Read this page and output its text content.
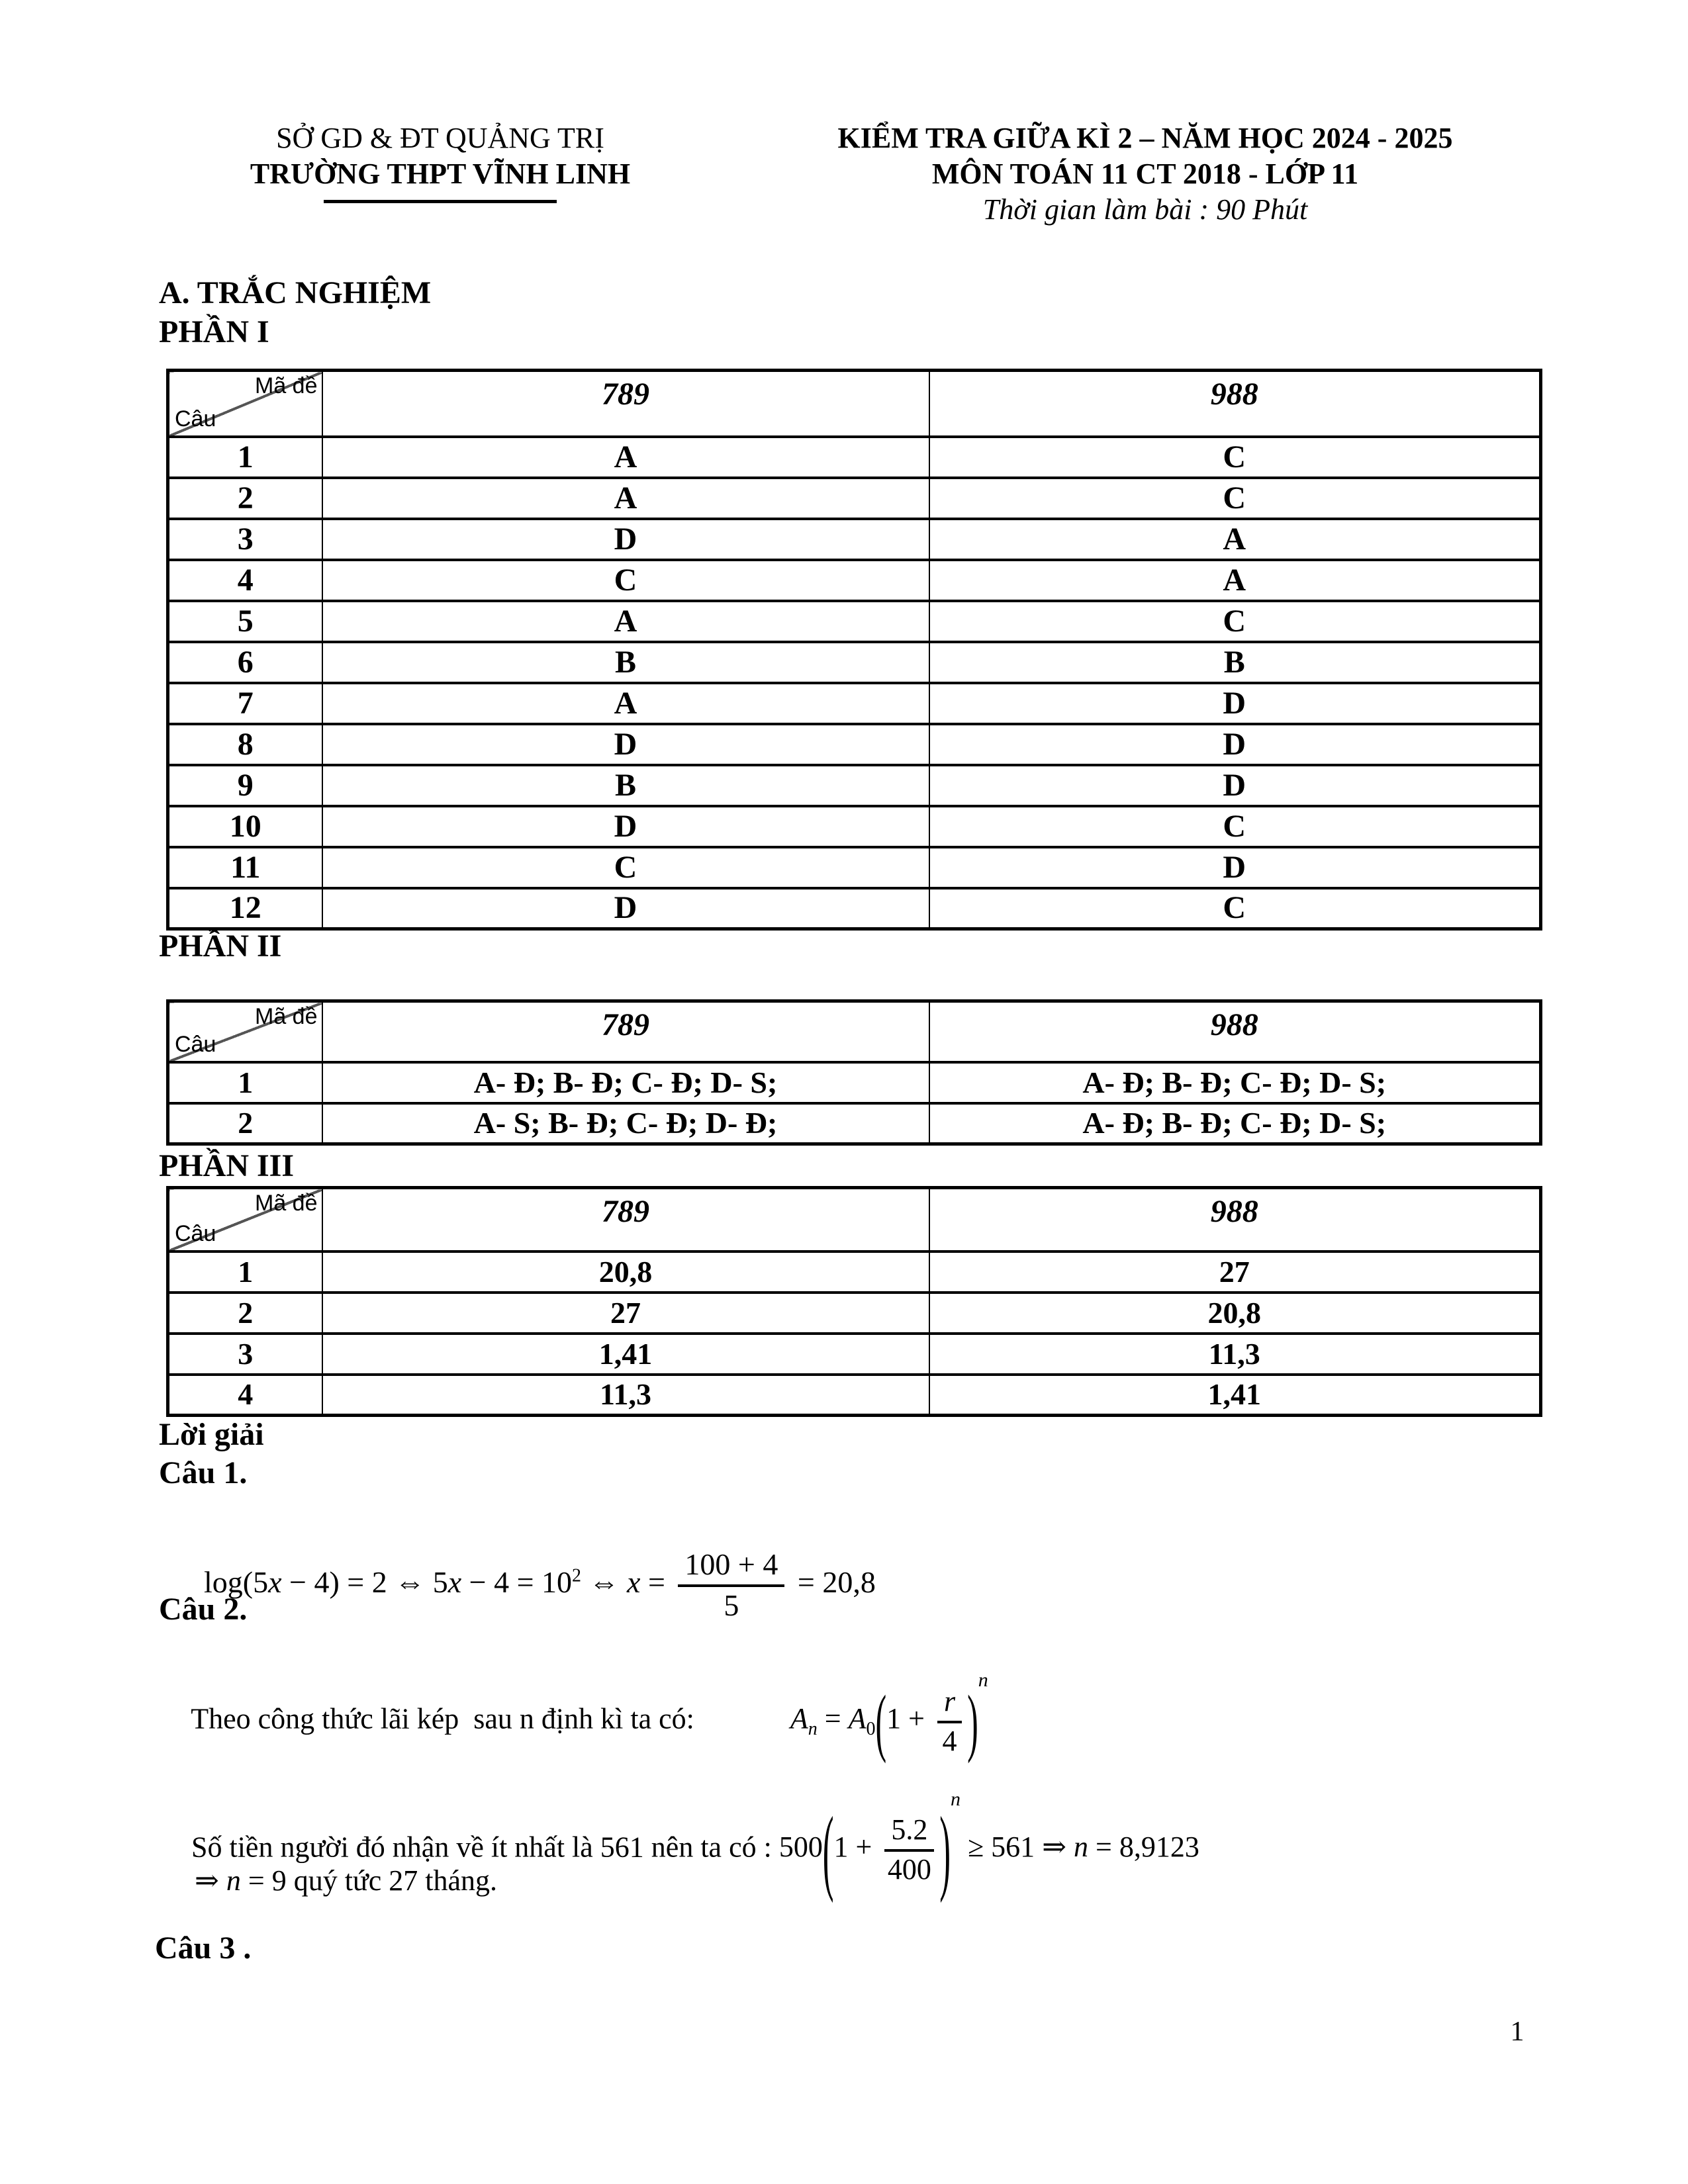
SỞ GD & ĐT QUẢNG TRỊ
TRƯỜNG THPT VĨNH LINH
KIỂM TRA GIỮA KÌ 2 – NĂM HỌC 2024 - 2025
MÔN TOÁN 11 CT 2018 - LỚP 11
Thời gian làm bài : 90 Phút
A. TRẮC NGHIỆM
PHẦN I
Mã đề
Câu	789	988
1	A	C
2	A	C
3	D	A
4	C	A
5	A	C
6	B	B
7	A	D
8	D	D
9	B	D
10	D	C
11	C	D
12	D	C
PHẦN II
Mã đề
Câu	789	988
1	A- Đ; B- Đ; C- Đ; D- S;	A- Đ; B- Đ; C- Đ; D- S;
2	A- S; B- Đ; C- Đ; D- Đ;	A- Đ; B- Đ; C- Đ; D- S;
PHẦN III
Mã đề
Câu	789	988
1	20,8	27
2	27	20,8
3	1,41	11,3
4	11,3	1,41
Lời giải
Câu 1.

log(5x − 4) = 2 ⇔ $5x - 4 = 10^2$ ⇔ $x = \frac{100 + 4}{5} = 20,8$

Câu 2.

Theo công thức lãi kép  sau n định kì ta có:	$A_n = A_0(1 + \frac{r}{4} )^n$

Số tiền người đó nhận về ít nhất là 561 nên ta có : $500(1 + \frac{5.2}{400} )^n \ge 561$ ⇒ n = 8,9123

⇒ n = 9 quý tức 27 tháng.

Câu 3 .
1
